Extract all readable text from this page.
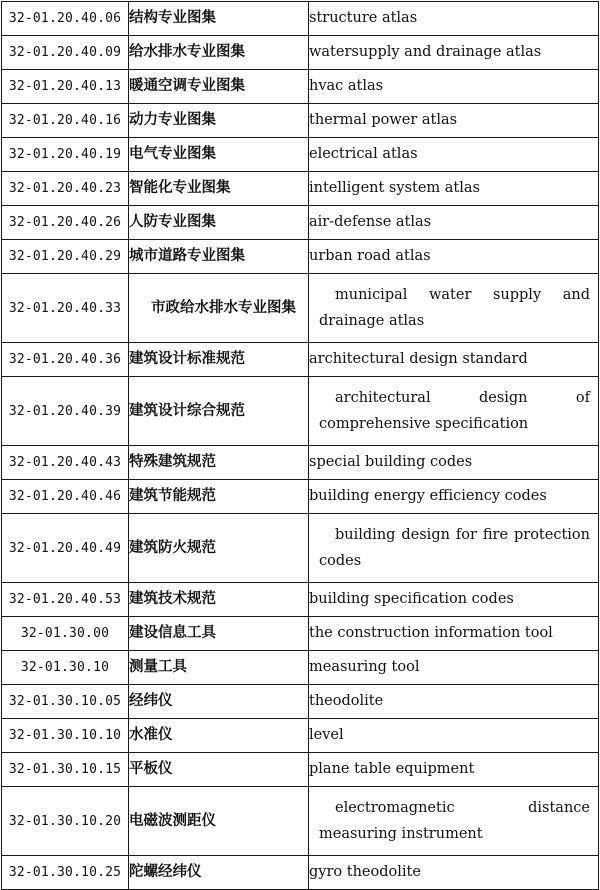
32-01.20.40.06	结构专业图集	structure atlas
32-01.20.40.09	给水排水专业图集	watersupply and drainage atlas
32-01.20.40.13	暖通空调专业图集	hvac atlas
32-01.20.40.16	动力专业图集	thermal power atlas
32-01.20.40.19	电气专业图集	electrical atlas
32-01.20.40.23	智能化专业图集	intelligent system atlas
32-01.20.40.26	人防专业图集	air-defense atlas
32-01.20.40.29	城市道路专业图集	urban road atlas
32-01.20.40.33	市政给水排水专业图集	municipal water supply and drainage atlas
32-01.20.40.36	建筑设计标准规范	architectural design standard
32-01.20.40.39	建筑设计综合规范	architectural design of comprehensive specification
32-01.20.40.43	特殊建筑规范	special building codes
32-01.20.40.46	建筑节能规范	building energy efficiency codes
32-01.20.40.49	建筑防火规范	building design for fire protection codes
32-01.20.40.53	建筑技术规范	building specification codes
32-01.30.00	建设信息工具	the construction information tool
32-01.30.10	测量工具	measuring tool
32-01.30.10.05	经纬仪	theodolite
32-01.30.10.10	水准仪	level
32-01.30.10.15	平板仪	plane table equipment
32-01.30.10.20	电磁波测距仪	electromagnetic distance measuring instrument
32-01.30.10.25	陀螺经纬仪	gyro theodolite
